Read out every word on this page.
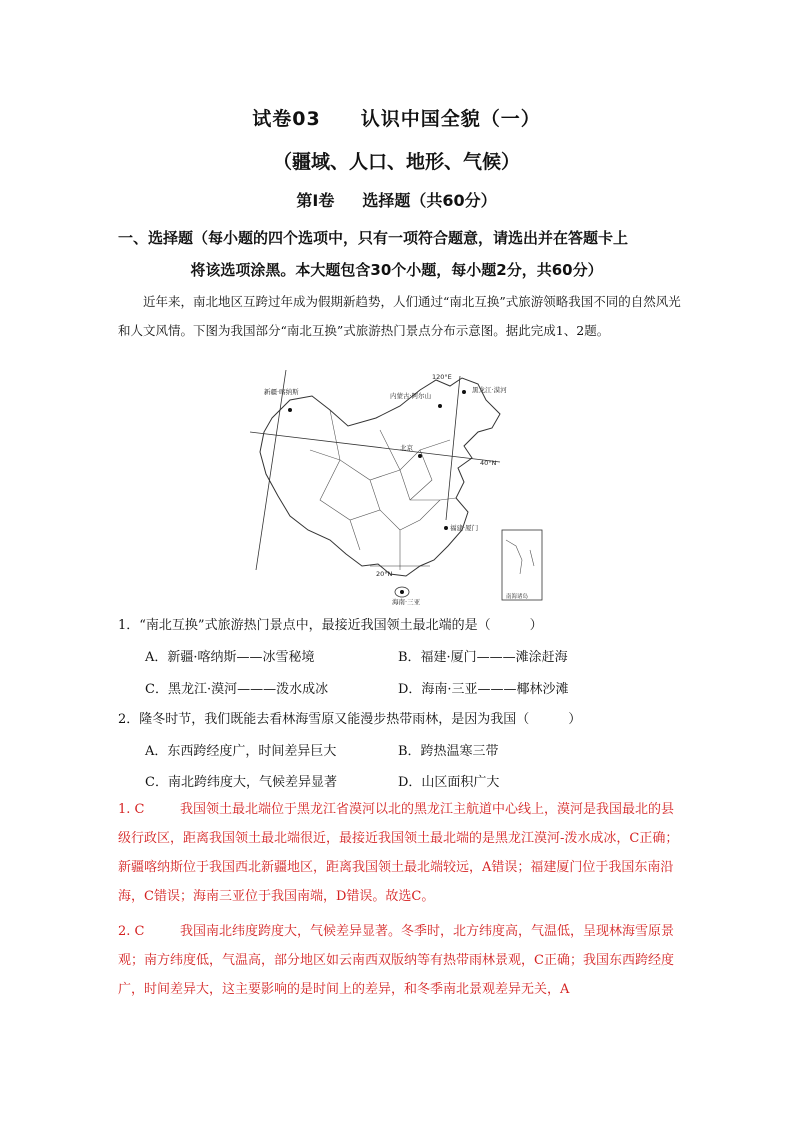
试卷03　　认识中国全貌（一）
（疆域、人口、地形、气候）
第Ⅰ卷 选择题（共60分）
一、选择题（每小题的四个选项中，只有一项符合题意，请选出并在答题卡上
将该选项涂黑。本大题包含30个小题，每小题2分，共60分）
近年来，南北地区互跨过年成为假期新趋势，人们通过“南北互换”式旅游领略我国不同的自然风光和人文风情。下图为我国部分“南北互换”式旅游热门景点分布示意图。据此完成1、2题。
120°E
40°N
20°N
新疆·喀纳斯	内蒙古·阿尔山
黑龙江·漠河
北京
福建·厦门
海南·三亚
南海诸岛
1．“南北互换”式旅游热门景点中，最接近我国领土最北端的是（　　　）
A．新疆·喀纳斯——冰雪秘境	B．福建·厦门———滩涂赶海
C．黑龙江·漠河———泼水成冰	D．海南·三亚———椰林沙滩
2．隆冬时节，我们既能去看林海雪原又能漫步热带雨林，是因为我国（　　　）
A．东西跨经度广，时间差异巨大	B．跨热温寒三带
C．南北跨纬度大，气候差异显著	D．山区面积广大
1. C	我国领土最北端位于黑龙江省漠河以北的黑龙江主航道中心线上，漠河是我国最北的县级行政区，距离我国领土最北端很近，最接近我国领土最北端的是黑龙江漠河-泼水成冰，C正确；新疆喀纳斯位于我国西北新疆地区，距离我国领土最北端较远，A错误；福建厦门位于我国东南沿海，C错误；海南三亚位于我国南端，D错误。故选C。
2. C	我国南北纬度跨度大，气候差异显著。冬季时，北方纬度高，气温低，呈现林海雪原景观；南方纬度低，气温高，部分地区如云南西双版纳等有热带雨林景观，C正确；我国东西跨经度广，时间差异大，这主要影响的是时间上的差异，和冬季南北景观差异无关，A
